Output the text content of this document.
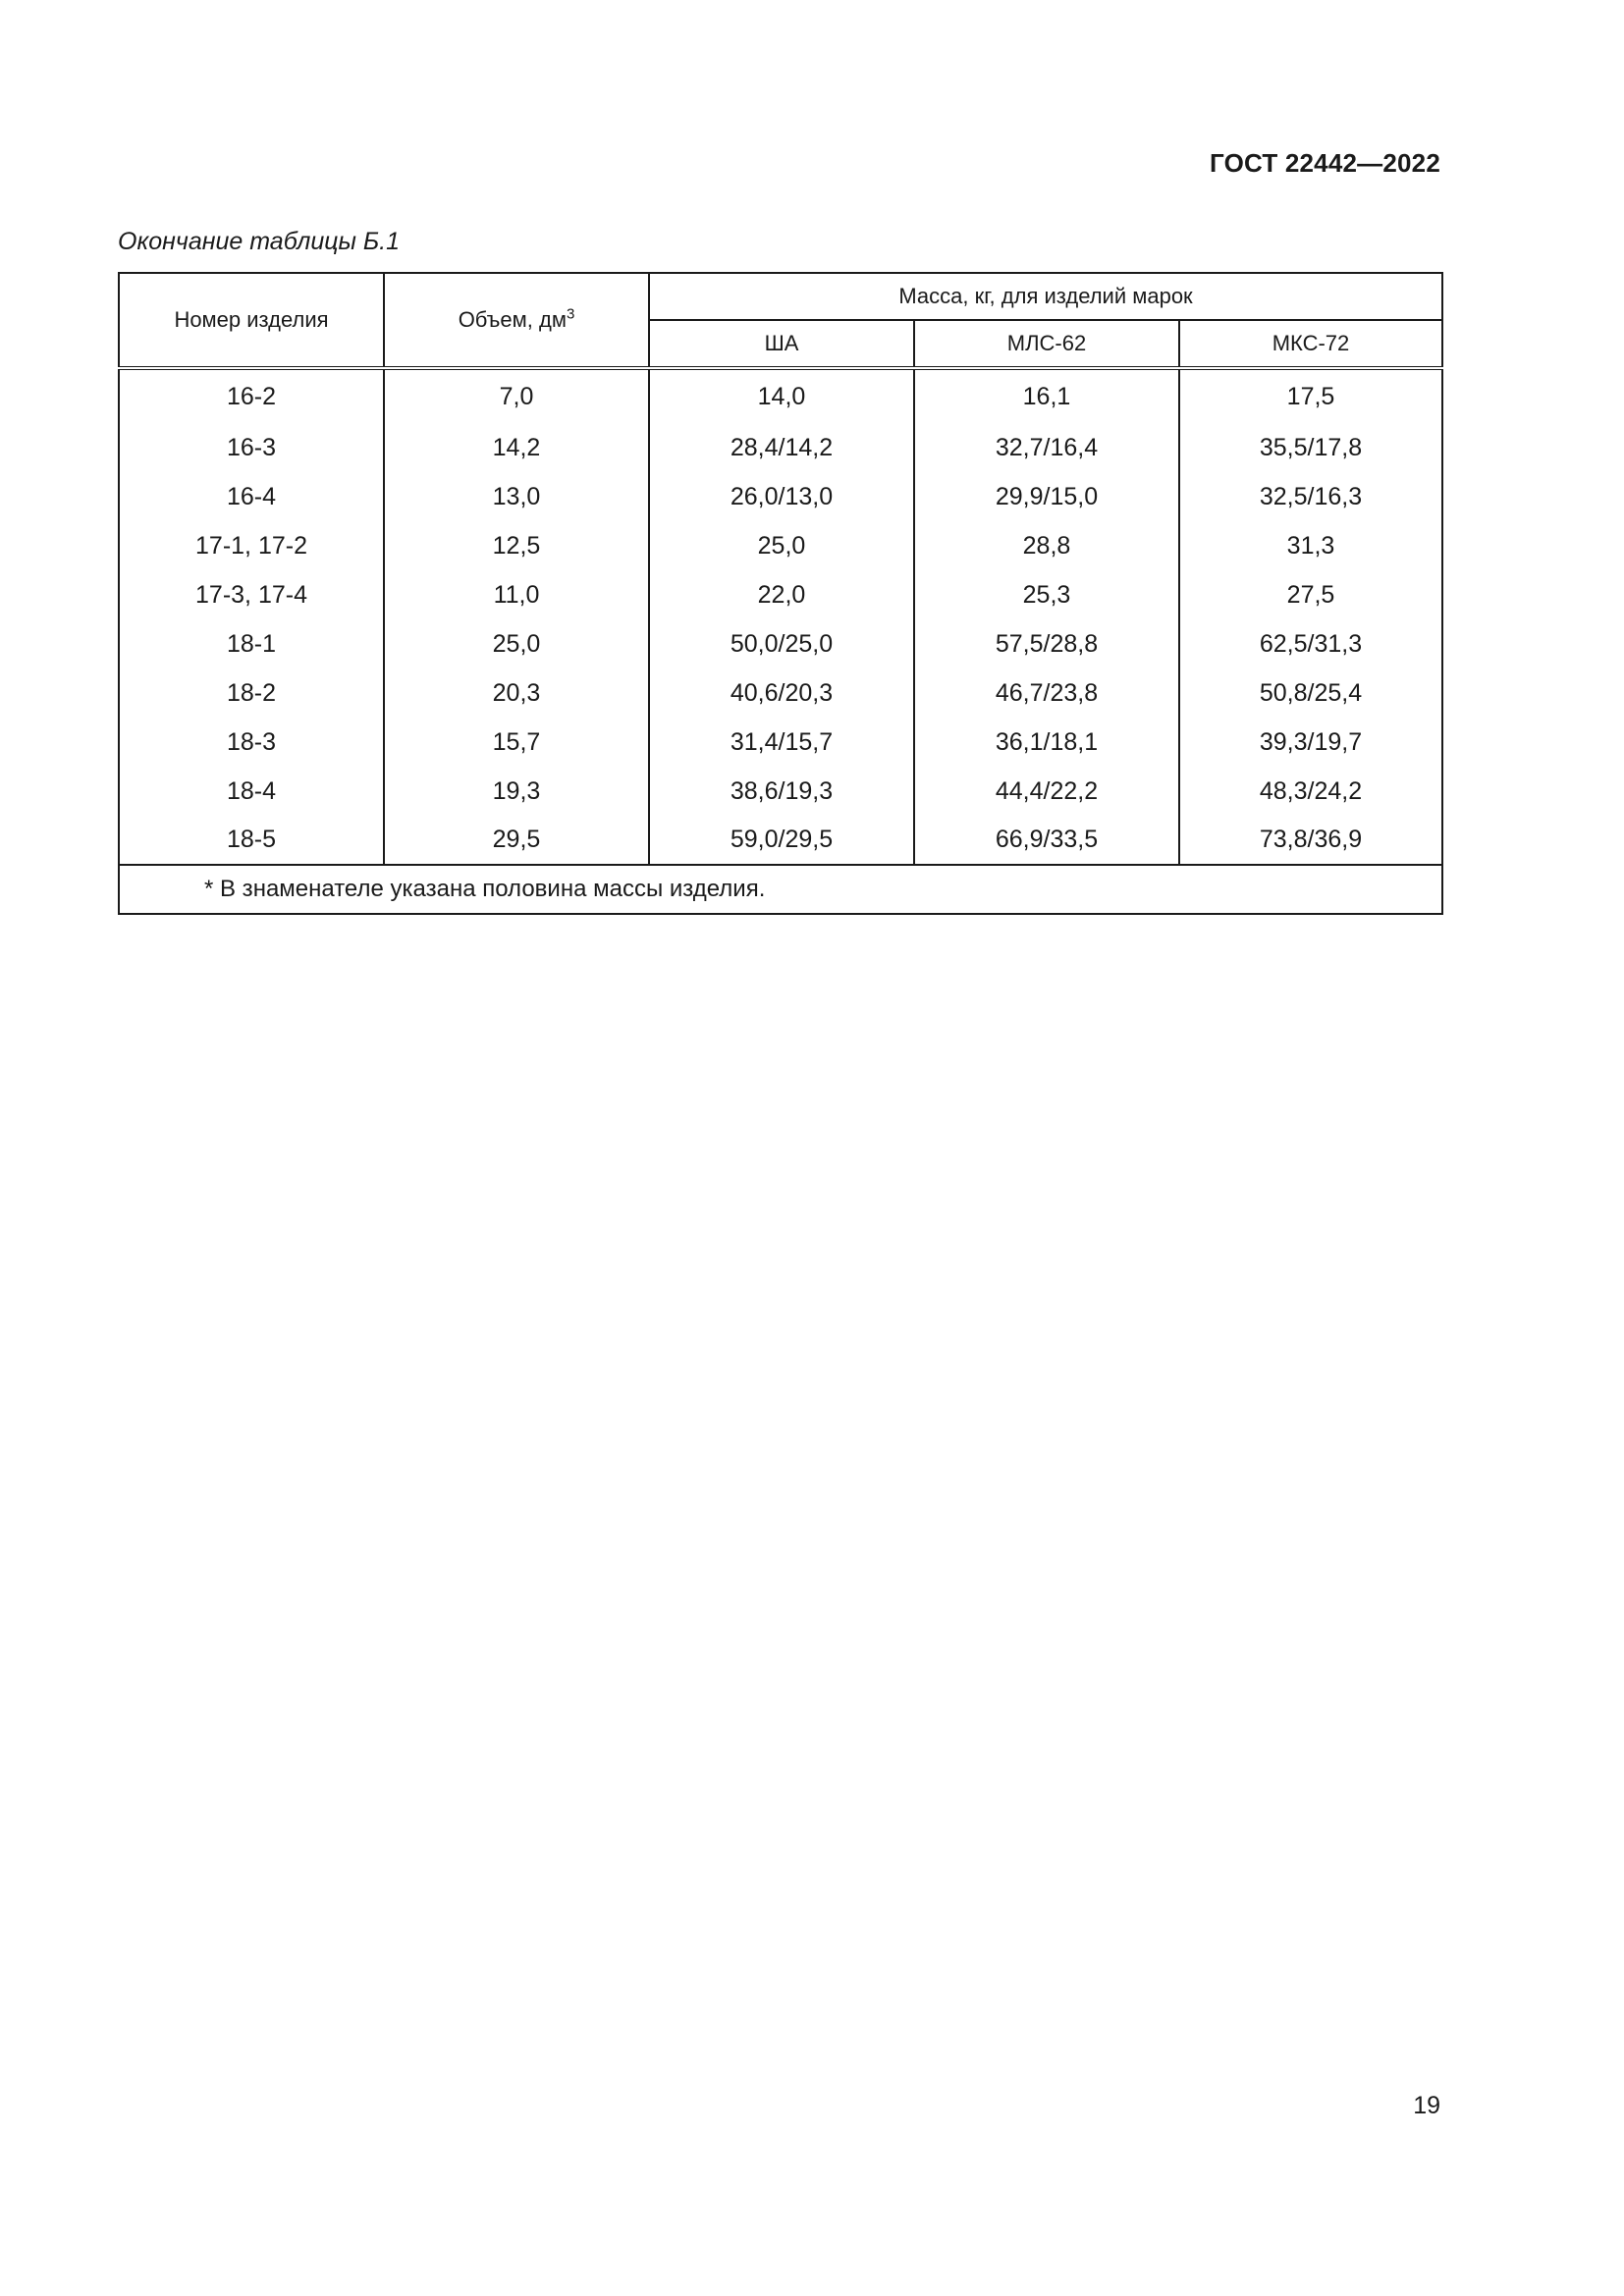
ГОСТ 22442—2022
Окончание таблицы Б.1
Номер изделия	Объем, $дм^3$	Масса, кг, для изделий марок		
		ША	МЛС-62	МКС-72
16-2	7,0	14,0	16,1	17,5
16-3	14,2	28,4/14,2	32,7/16,4	35,5/17,8
16-4	13,0	26,0/13,0	29,9/15,0	32,5/16,3
17-1, 17-2	12,5	25,0	28,8	31,3
17-3, 17-4	11,0	22,0	25,3	27,5
18-1	25,0	50,0/25,0	57,5/28,8	62,5/31,3
18-2	20,3	40,6/20,3	46,7/23,8	50,8/25,4
18-3	15,7	31,4/15,7	36,1/18,1	39,3/19,7
18-4	19,3	38,6/19,3	44,4/22,2	48,3/24,2
18-5	29,5	59,0/29,5	66,9/33,5	73,8/36,9
* В знаменателе указана половина массы изделия.				
19
